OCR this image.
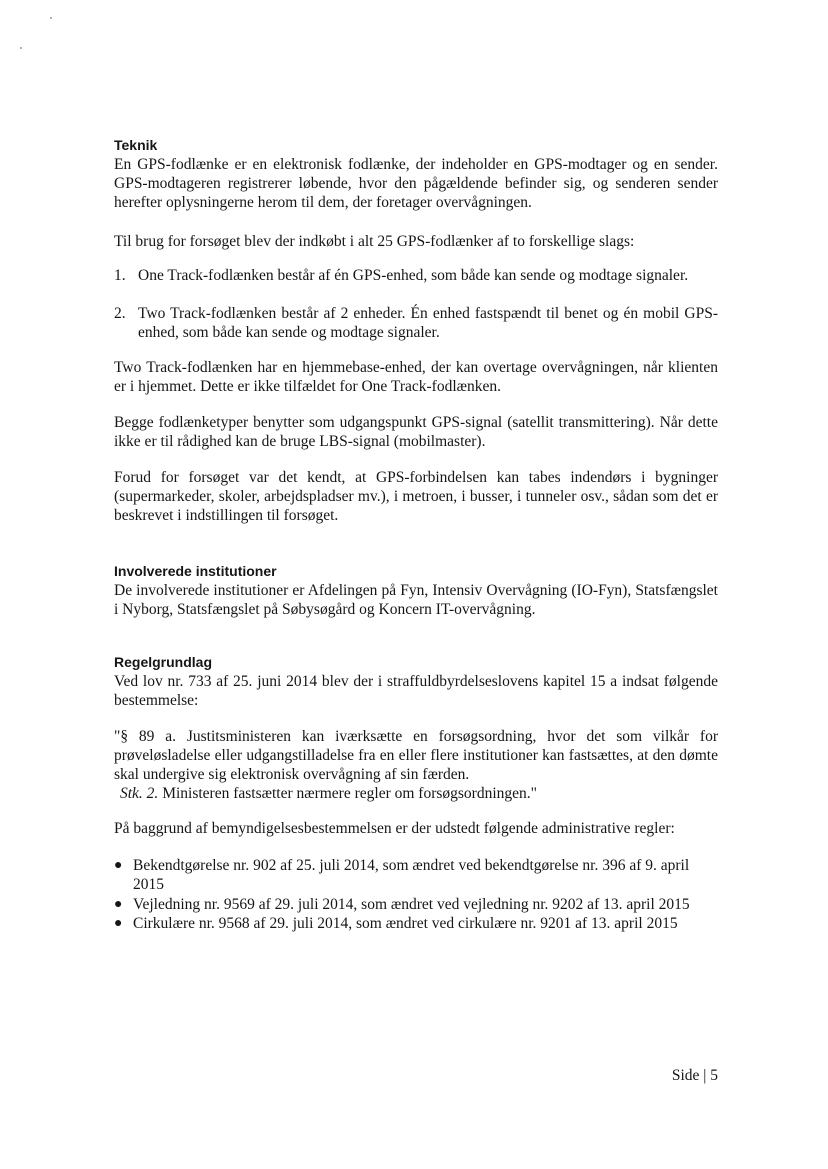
Teknik
En GPS-fodlænke er en elektronisk fodlænke, der indeholder en GPS-modtager og en sender. GPS-modtageren registrerer løbende, hvor den pågældende befinder sig, og senderen sender herefter oplysningerne herom til dem, der foretager overvågningen.
Til brug for forsøget blev der indkøbt i alt 25 GPS-fodlænker af to forskellige slags:
1. One Track-fodlænken består af én GPS-enhed, som både kan sende og modtage signaler.
2. Two Track-fodlænken består af 2 enheder. Én enhed fastspændt til benet og én mobil GPS-enhed, som både kan sende og modtage signaler.
Two Track-fodlænken har en hjemmebase-enhed, der kan overtage overvågningen, når klienten er i hjemmet. Dette er ikke tilfældet for One Track-fodlænken.
Begge fodlænketyper benytter som udgangspunkt GPS-signal (satellit transmittering). Når dette ikke er til rådighed kan de bruge LBS-signal (mobilmaster).
Forud for forsøget var det kendt, at GPS-forbindelsen kan tabes indendørs i bygninger (supermarkeder, skoler, arbejdspladser mv.), i metroen, i busser, i tunneler osv., sådan som det er beskrevet i indstillingen til forsøget.
Involverede institutioner
De involverede institutioner er Afdelingen på Fyn, Intensiv Overvågning (IO-Fyn), Statsfængslet i Nyborg, Statsfængslet på Søbysøgård og Koncern IT-overvågning.
Regelgrundlag
Ved lov nr. 733 af 25. juni 2014 blev der i straffuldbyrdelseslovens kapitel 15 a indsat følgende bestemmelse:
"§ 89 a. Justitsministeren kan iværksætte en forsøgsordning, hvor det som vilkår for prøveløsladelse eller udgangstilladelse fra en eller flere institutioner kan fastsættes, at den dømte skal undergive sig elektronisk overvågning af sin færden.
Stk. 2. Ministeren fastsætter nærmere regler om forsøgsordningen."
På baggrund af bemyndigelsesbestemmelsen er der udstedt følgende administrative regler:
● Bekendtgørelse nr. 902 af 25. juli 2014, som ændret ved bekendtgørelse nr. 396 af 9. april 2015
● Vejledning nr. 9569 af 29. juli 2014, som ændret ved vejledning nr. 9202 af 13. april 2015
● Cirkulære nr. 9568 af 29. juli 2014, som ændret ved cirkulære nr. 9201 af 13. april 2015
Side | 5
